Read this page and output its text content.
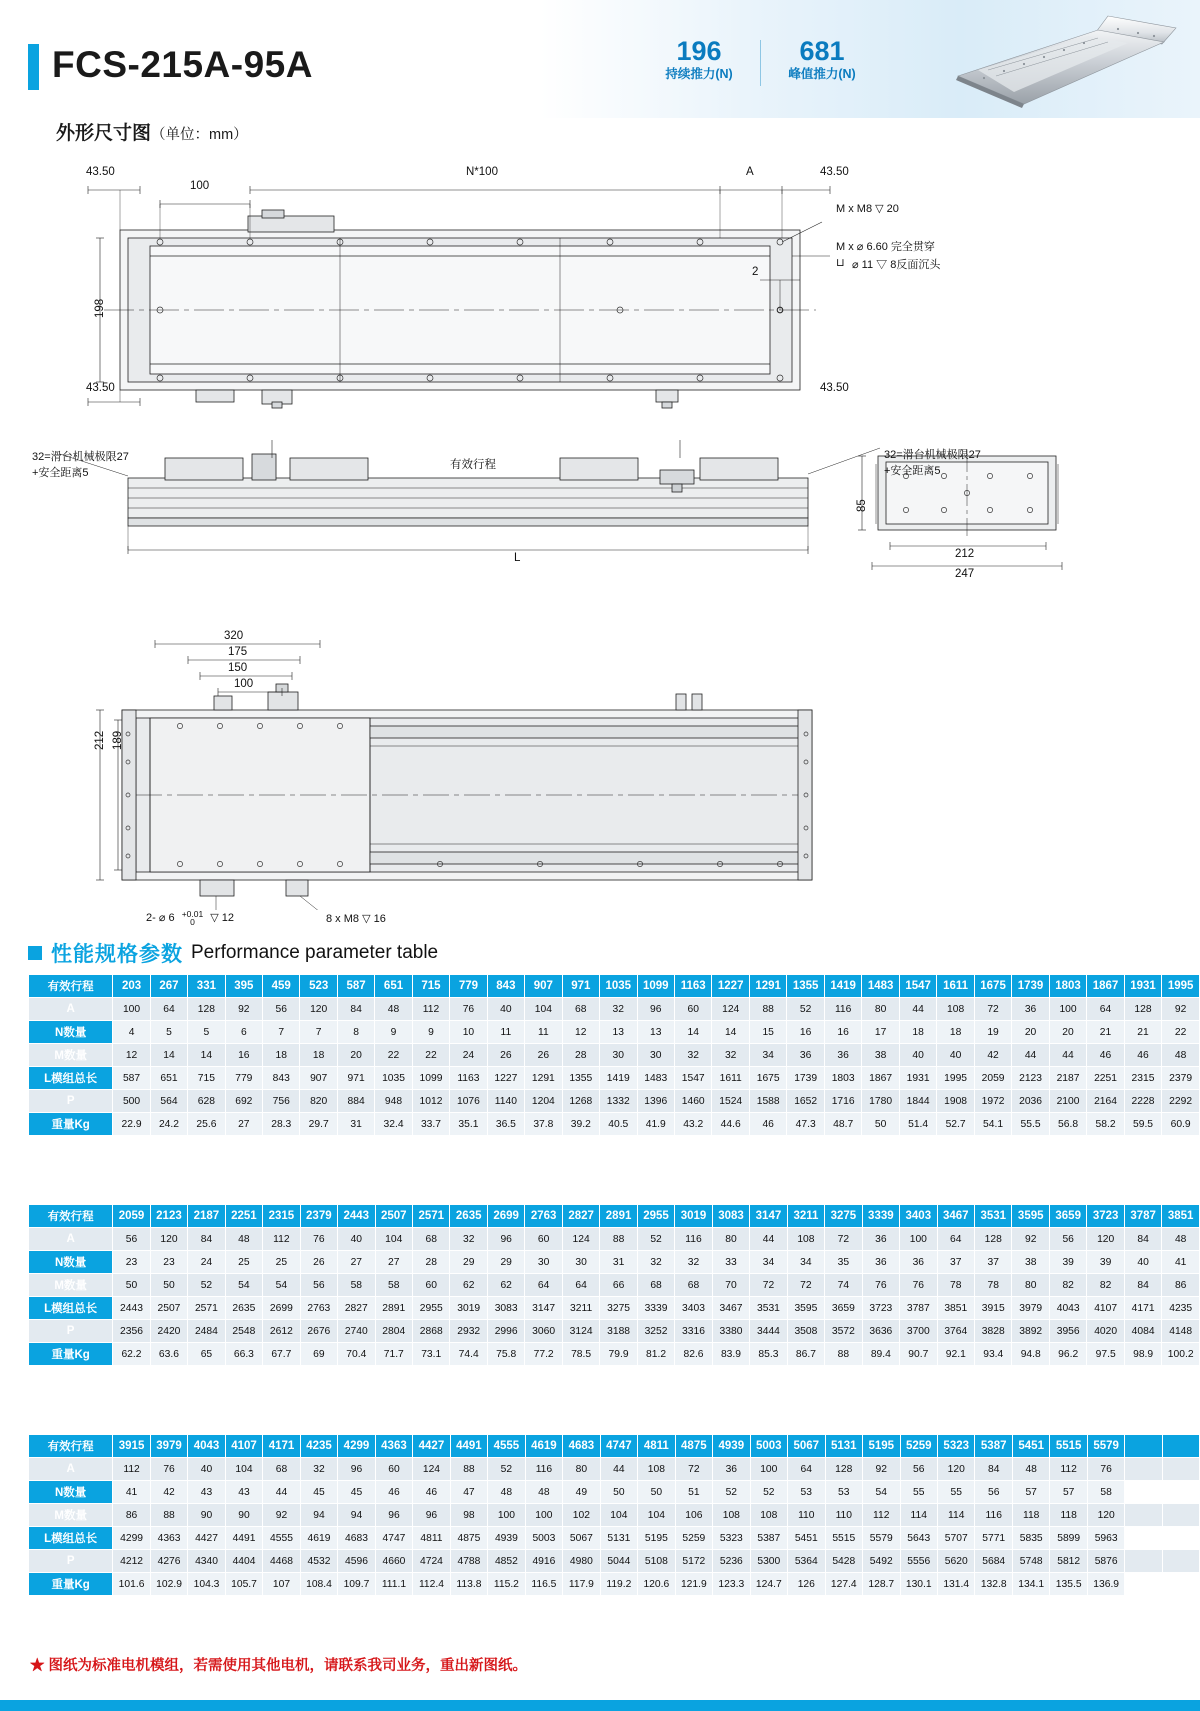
FCS-215A-95A	196
持续推力(N)
681
峰值推力(N)
外形尺寸图（单位：mm）
43.50
100
N*100	A	43.50
198
43.50	43.50
2
M x M8 ▽ 20
M x ⌀ 6.60 完全贯穿
⌀ 11 ▽ 8反面沉头
⊔
32=滑台机械极限27
+安全距离5
32=滑台机械极限27
+安全距离5
有效行程
L
85
212
247
320
175
150
100
212 189
2- ⌀ 6 +0.01
0	▽ 12	8 x M8 ▽ 16
性能规格参数 Performance parameter table
有效行程	203	267	331	395	459	523	587	651	715	779	843	907	971	1035	1099	1163	1227	1291	1355	1419	1483	1547	1611	1675	1739	1803	1867	1931	1995
A	100	64	128	92	56	120	84	48	112	76	40	104	68	32	96	60	124	88	52	116	80	44	108	72	36	100	64	128	92
N数量	4	5	5	6	7	7	8	9	9	10	11	11	12	13	13	14	14	15	16	16	17	18	18	19	20	20	21	21	22
M数量	12	14	14	16	18	18	20	22	22	24	26	26	28	30	30	32	32	34	36	36	38	40	40	42	44	44	46	46	48
L模组总长	587	651	715	779	843	907	971	1035	1099	1163	1227	1291	1355	1419	1483	1547	1611	1675	1739	1803	1867	1931	1995	2059	2123	2187	2251	2315	2379
P	500	564	628	692	756	820	884	948	1012	1076	1140	1204	1268	1332	1396	1460	1524	1588	1652	1716	1780	1844	1908	1972	2036	2100	2164	2228	2292
重量Kg	22.9	24.2	25.6	27	28.3	29.7	31	32.4	33.7	35.1	36.5	37.8	39.2	40.5	41.9	43.2	44.6	46	47.3	48.7	50	51.4	52.7	54.1	55.5	56.8	58.2	59.5	60.9
有效行程	2059	2123	2187	2251	2315	2379	2443	2507	2571	2635	2699	2763	2827	2891	2955	3019	3083	3147	3211	3275	3339	3403	3467	3531	3595	3659	3723	3787	3851
A	56	120	84	48	112	76	40	104	68	32	96	60	124	88	52	116	80	44	108	72	36	100	64	128	92	56	120	84	48
N数量	23	23	24	25	25	26	27	27	28	29	29	30	30	31	32	32	33	34	34	35	36	36	37	37	38	39	39	40	41
M数量	50	50	52	54	54	56	58	58	60	62	62	64	64	66	68	68	70	72	72	74	76	76	78	78	80	82	82	84	86
L模组总长	2443	2507	2571	2635	2699	2763	2827	2891	2955	3019	3083	3147	3211	3275	3339	3403	3467	3531	3595	3659	3723	3787	3851	3915	3979	4043	4107	4171	4235
P	2356	2420	2484	2548	2612	2676	2740	2804	2868	2932	2996	3060	3124	3188	3252	3316	3380	3444	3508	3572	3636	3700	3764	3828	3892	3956	4020	4084	4148
重量Kg	62.2	63.6	65	66.3	67.7	69	70.4	71.7	73.1	74.4	75.8	77.2	78.5	79.9	81.2	82.6	83.9	85.3	86.7	88	89.4	90.7	92.1	93.4	94.8	96.2	97.5	98.9	100.2
有效行程	3915	3979	4043	4107	4171	4235	4299	4363	4427	4491	4555	4619	4683	4747	4811	4875	4939	5003	5067	5131	5195	5259	5323	5387	5451	5515	5579		
A	112	76	40	104	68	32	96	60	124	88	52	116	80	44	108	72	36	100	64	128	92	56	120	84	48	112	76		
N数量	41	42	43	43	44	45	45	46	46	47	48	48	49	50	50	51	52	52	53	53	54	55	55	56	57	57	58		
M数量	86	88	90	90	92	94	94	96	96	98	100	100	102	104	104	106	108	108	110	110	112	114	114	116	118	118	120		
L模组总长	4299	4363	4427	4491	4555	4619	4683	4747	4811	4875	4939	5003	5067	5131	5195	5259	5323	5387	5451	5515	5579	5643	5707	5771	5835	5899	5963		
P	4212	4276	4340	4404	4468	4532	4596	4660	4724	4788	4852	4916	4980	5044	5108	5172	5236	5300	5364	5428	5492	5556	5620	5684	5748	5812	5876		
重量Kg	101.6	102.9	104.3	105.7	107	108.4	109.7	111.1	112.4	113.8	115.2	116.5	117.9	119.2	120.6	121.9	123.3	124.7	126	127.4	128.7	130.1	131.4	132.8	134.1	135.5	136.9		
★ 图纸为标准电机模组，若需使用其他电机，请联系我司业务，重出新图纸。
